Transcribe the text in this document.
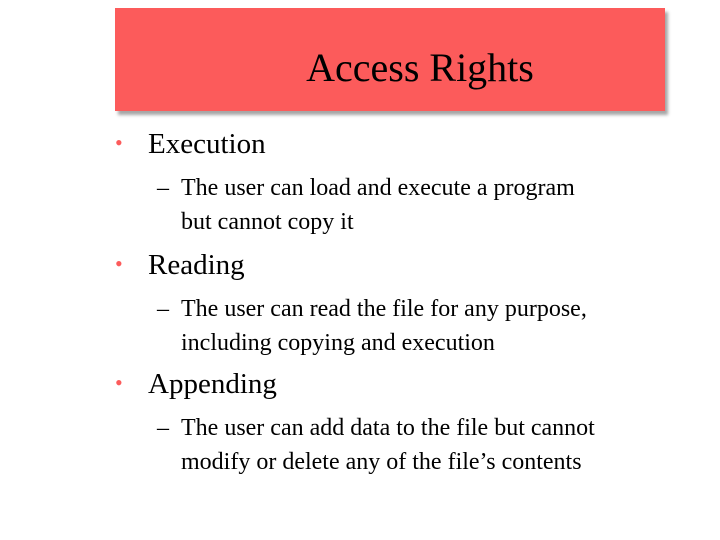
Access Rights
• Execution
– The user can load and execute a program
but cannot copy it
• Reading
– The user can read the file for any purpose,
including copying and execution
• Appending
– The user can add data to the file but cannot
modify or delete any of the file’s contents
